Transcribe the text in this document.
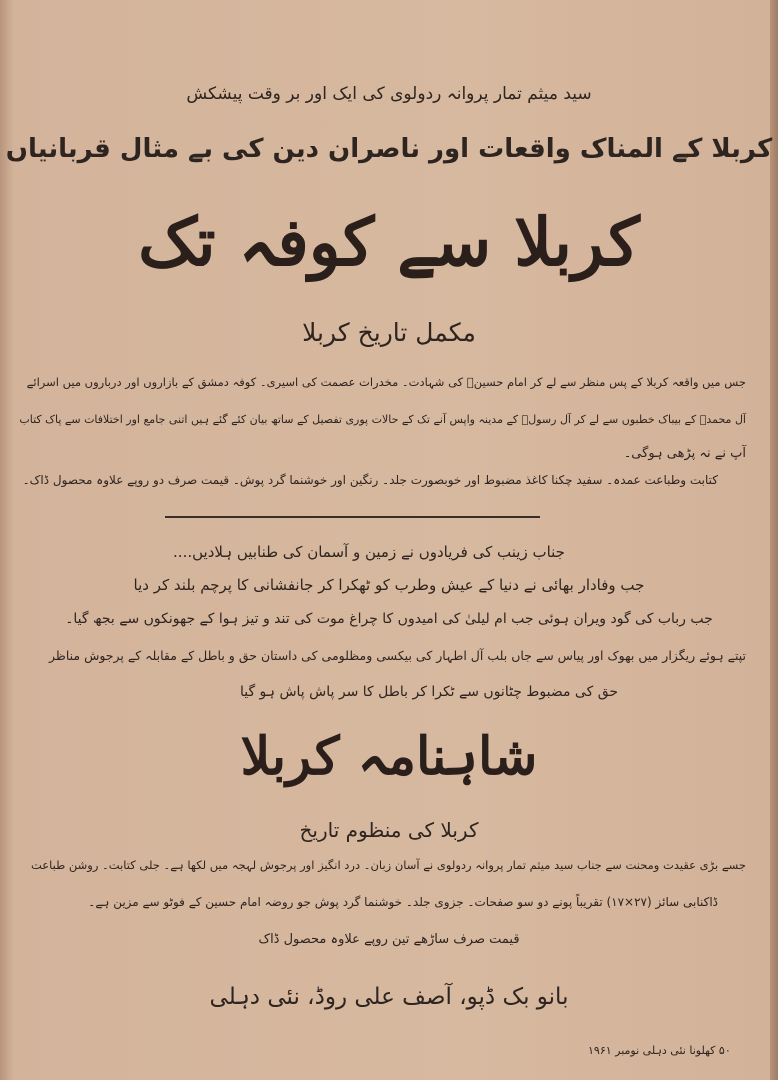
سید میثم تمار پروانہ ردولوی کی ایک اور بر وقت پیشکش
کربلا کے المناک واقعات اور ناصران دین کی بے مثال قربانیاں
کربلا سے کوفہ تک
مکمل تاریخ کربلا
جس میں واقعہ کربلا کے پس منظر سے لے کر امام حسینؑ کی شہادت۔ مخدرات عصمت کی اسیری۔ کوفہ دمشق کے بازاروں اور درباروں میں اسرائے
آل محمدؐ کے بیباک خطبوں سے لے کر آل رسولؐ کے مدینہ واپس آنے تک کے حالات پوری تفصیل کے ساتھ بیان کئے گئے ہیں اتنی جامع اور اختلافات سے پاک کتاب
آپ نے نہ پڑھی ہوگی۔
کتابت وطباعت عمدہ۔ سفید چکنا کاغذ مضبوط اور خوبصورت جلد۔ رنگین اور خوشنما گرد پوش۔ قیمت صرف دو روپے علاوہ محصول ڈاک۔
جناب زینب کی فریادوں نے زمین و آسمان کی طنابیں ہلادیں....
جب وفادار بھائی نے دنیا کے عیش وطرب کو ٹھکرا کر جانفشانی کا پرچم بلند کر دیا
جب رباب کی گود ویران ہوئی جب ام لیلیٰ کی امیدوں کا چراغ موت کی تند و تیز ہوا کے جھونکوں سے بجھ گیا۔
تپتے ہوئے ریگزار میں بھوک اور پیاس سے جاں بلب آل اطہار کی بیکسی ومظلومی کی داستان حق و باطل کے مقابلہ کے پرجوش مناظر
حق کی مضبوط چٹانوں سے ٹکرا کر باطل کا سر پاش پاش ہو گیا
شاہنامہ کربلا
کربلا کی منظوم تاریخ
جسے بڑی عقیدت ومحنت سے جناب سید میثم تمار پروانہ ردولوی نے آسان زبان۔ درد انگیز اور پرجوش لہجہ میں لکھا ہے۔ جلی کتابت۔ روشن طباعت
ڈاکنابی سائز (۲۷×۱۷) تقریباً پونے دو سو صفحات۔ جزوی جلد۔ خوشنما گرد پوش جو روضہ امام حسین کے فوٹو سے مزین ہے۔
قیمت صرف ساڑھے تین روپے علاوہ محصول ڈاک
بانو بک ڈپو، آصف علی روڈ، نئی دہلی
۵۰ کھلونا نئی دہلی نومبر ۱۹۶۱
